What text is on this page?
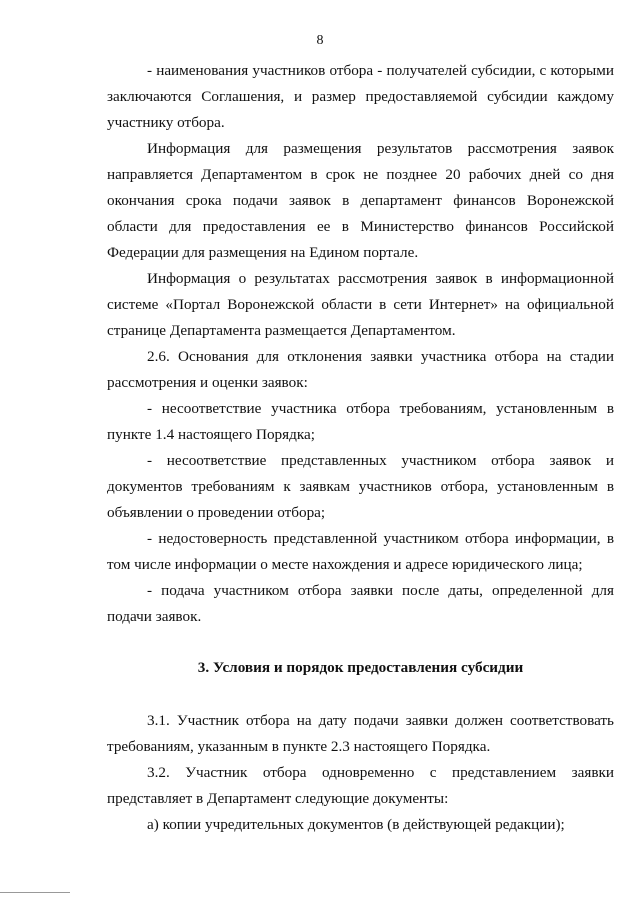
8

- наименования участников отбора - получателей субсидии, с которыми заключаются Соглашения, и размер предоставляемой субсидии каждому участнику отбора.

Информация для размещения результатов рассмотрения заявок направляется Департаментом в срок не позднее 20 рабочих дней со дня окончания срока подачи заявок в департамент финансов Воронежской области для предоставления ее в Министерство финансов Российской Федерации для размещения на Едином портале.

Информация о результатах рассмотрения заявок в информационной системе «Портал Воронежской области в сети Интернет» на официальной странице Департамента размещается Департаментом.

2.6. Основания для отклонения заявки участника отбора на стадии рассмотрения и оценки заявок:

- несоответствие участника отбора требованиям, установленным в пункте 1.4 настоящего Порядка;

- несоответствие представленных участником отбора заявок и документов требованиям к заявкам участников отбора, установленным в объявлении о проведении отбора;

- недостоверность представленной участником отбора информации, в том числе информации о месте нахождения и адресе юридического лица;

- подача участником отбора заявки после даты, определенной для подачи заявок.

3. Условия и порядок предоставления субсидии

3.1. Участник отбора на дату подачи заявки должен соответствовать требованиям, указанным в пункте 2.3 настоящего Порядка.

3.2. Участник отбора одновременно с представлением заявки представляет в Департамент следующие документы:

а) копии учредительных документов (в действующей редакции);
